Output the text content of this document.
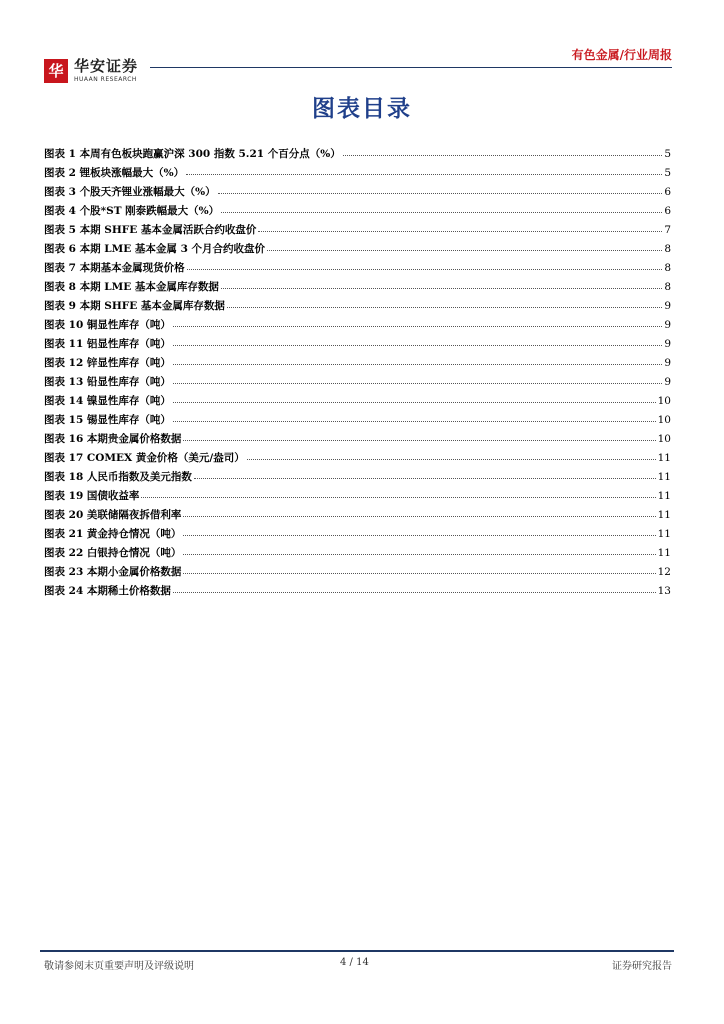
华 华安证券
HUAAN RESEARCH
有色金属/行业周报
图表目录
图表 1 本周有色板块跑赢沪深 300 指数 5.21 个百分点（%）	5
图表 2 锂板块涨幅最大（%）	5
图表 3 个股天齐锂业涨幅最大（%）	6
图表 4 个股*ST 刚泰跌幅最大（%）	6
图表 5 本期 SHFE 基本金属活跃合约收盘价	7
图表 6 本期 LME 基本金属 3 个月合约收盘价	8
图表 7 本期基本金属现货价格	8
图表 8 本期 LME 基本金属库存数据	8
图表 9 本期 SHFE 基本金属库存数据	9
图表 10 铜显性库存（吨）	9
图表 11 铝显性库存（吨）	9
图表 12 锌显性库存（吨）	9
图表 13 铅显性库存（吨）	9
图表 14 镍显性库存（吨）	10
图表 15 锡显性库存（吨）	10
图表 16 本期贵金属价格数据	10
图表 17 COMEX 黄金价格（美元/盎司）	11
图表 18 人民币指数及美元指数	11
图表 19 国债收益率	11
图表 20 美联储隔夜拆借利率	11
图表 21 黄金持仓情况（吨）	11
图表 22 白银持仓情况（吨）	11
图表 23 本期小金属价格数据	12
图表 24 本期稀土价格数据	13
敬请参阅末页重要声明及评级说明	4 / 14	证券研究报告
